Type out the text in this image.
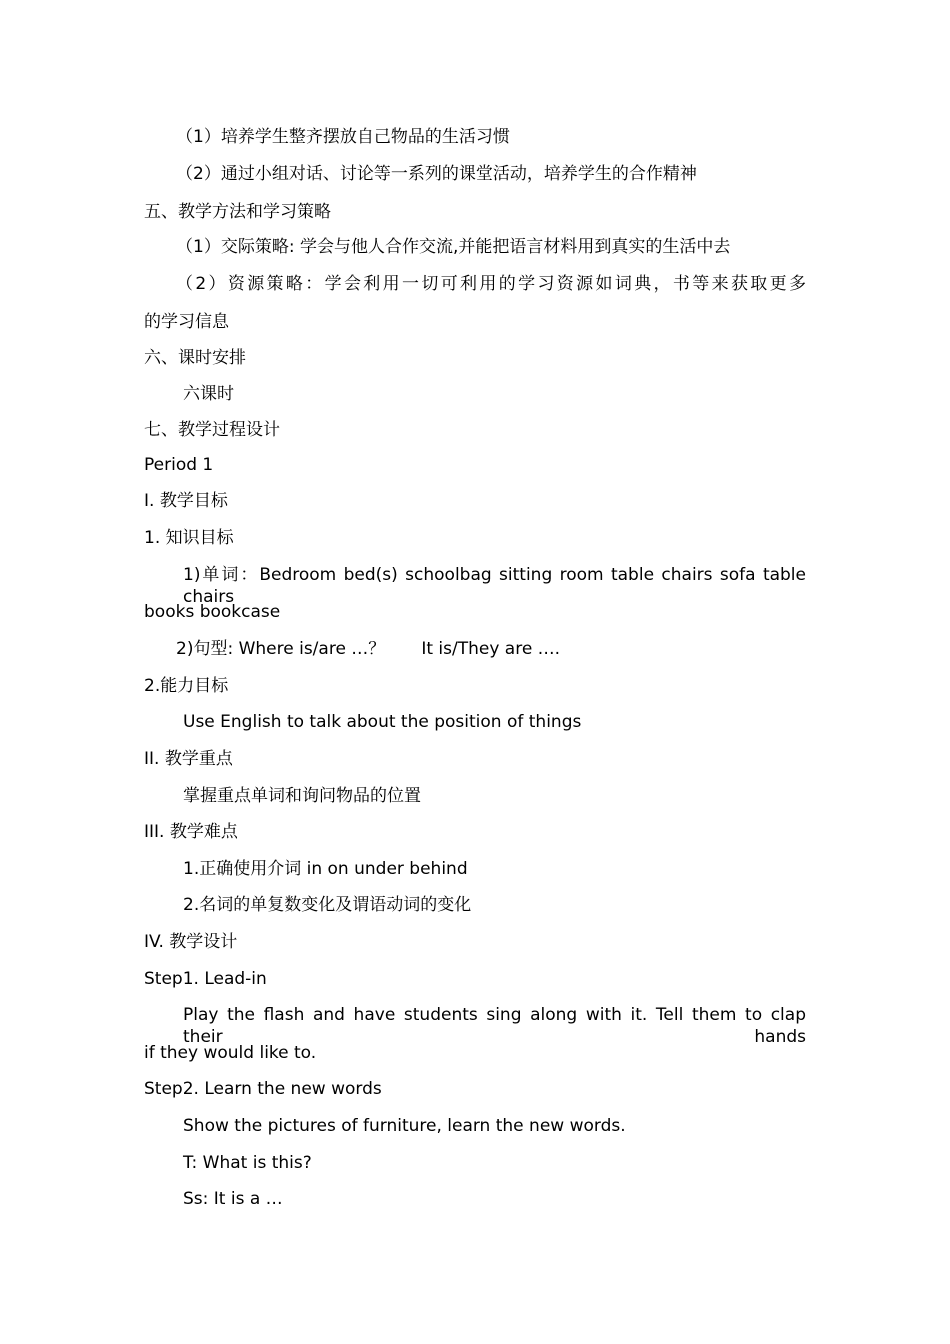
（1）培养学生整齐摆放自己物品的生活习惯
（2）通过小组对话、讨论等一系列的课堂活动，培养学生的合作精神
五、教学方法和学习策略
（1）交际策略: 学会与他人合作交流,并能把语言材料用到真实的生活中去
（2）资源策略：学会利用一切可利用的学习资源如词典，书等来获取更多
的学习信息
六、课时安排
六课时
七、教学过程设计
Period 1
I. 教学目标
1. 知识目标
1)单词：Bedroom bed(s) schoolbag sitting room table chairs sofa table chairs
books bookcase
2)句型: Where is/are …？ It is/They are ….
2.能力目标
Use English to talk about the position of things
II. 教学重点
掌握重点单词和询问物品的位置
III. 教学难点
1.正确使用介词 in on under behind
2.名词的单复数变化及谓语动词的变化
IV. 教学设计
Step1. Lead-in
Play the flash and have students sing along with it. Tell them to clap their hands
if they would like to.
Step2. Learn the new words
Show the pictures of furniture, learn the new words.
T: What is this?
Ss: It is a …
